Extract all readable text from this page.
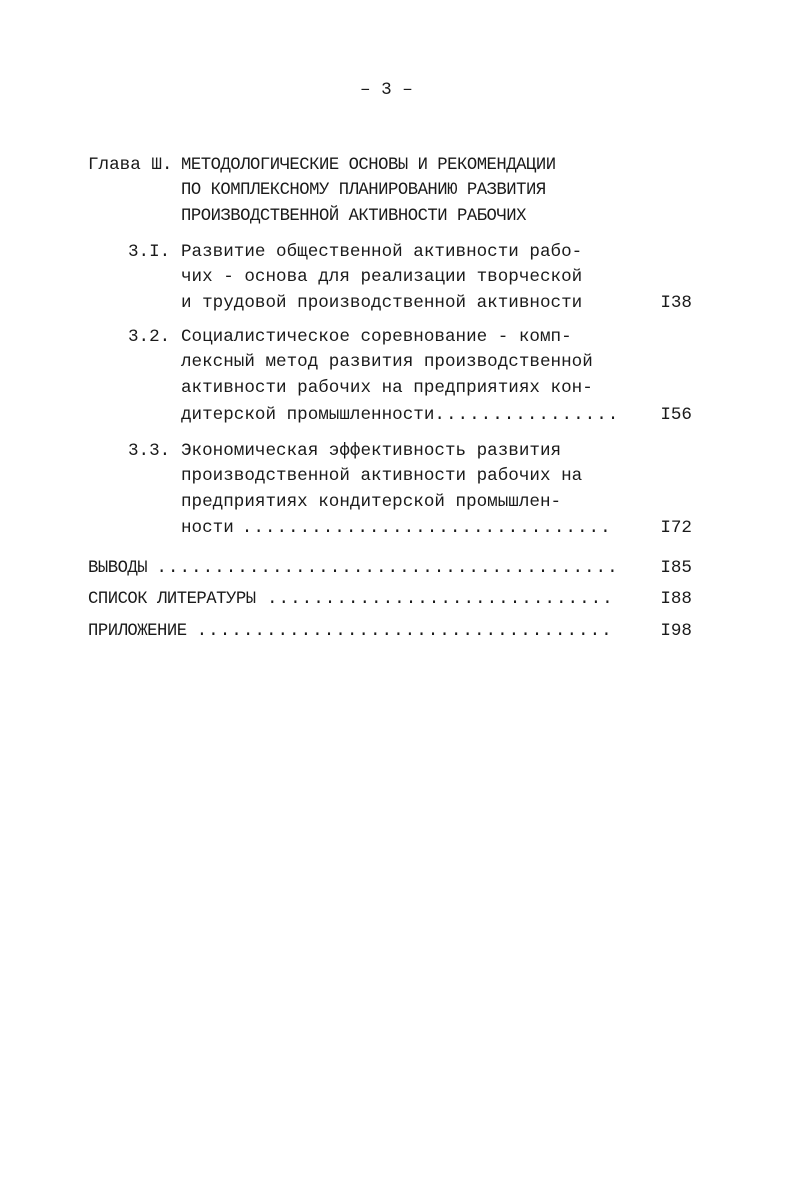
– 3 –
Глава Ш. МЕТОДОЛОГИЧЕСКИЕ ОСНОВЫ И РЕКОМЕНДАЦИИ
ПО КОМПЛЕКСНОМУ ПЛАНИРОВАНИЮ РАЗВИТИЯ
ПРОИЗВОДСТВЕННОЙ АКТИВНОСТИ РАБОЧИХ
3.I. Развитие общественной активности рабо-
чих - основа для реализации творческой
и трудовой производственной активности	I38
3.2. Социалистическое соревнование - комп-
лексный метод развития производственной
активности рабочих на предприятиях кон-
дитерской промышленности .....	I56
3.3. Экономическая эффективность развития
производственной активности рабочих на
предприятиях кондитерской промышлен-
ности .....	I72
ВЫВОДЫ .....	I85
СПИСОК ЛИТЕРАТУРЫ .....	I88
ПРИЛОЖЕНИЕ .....	I98
